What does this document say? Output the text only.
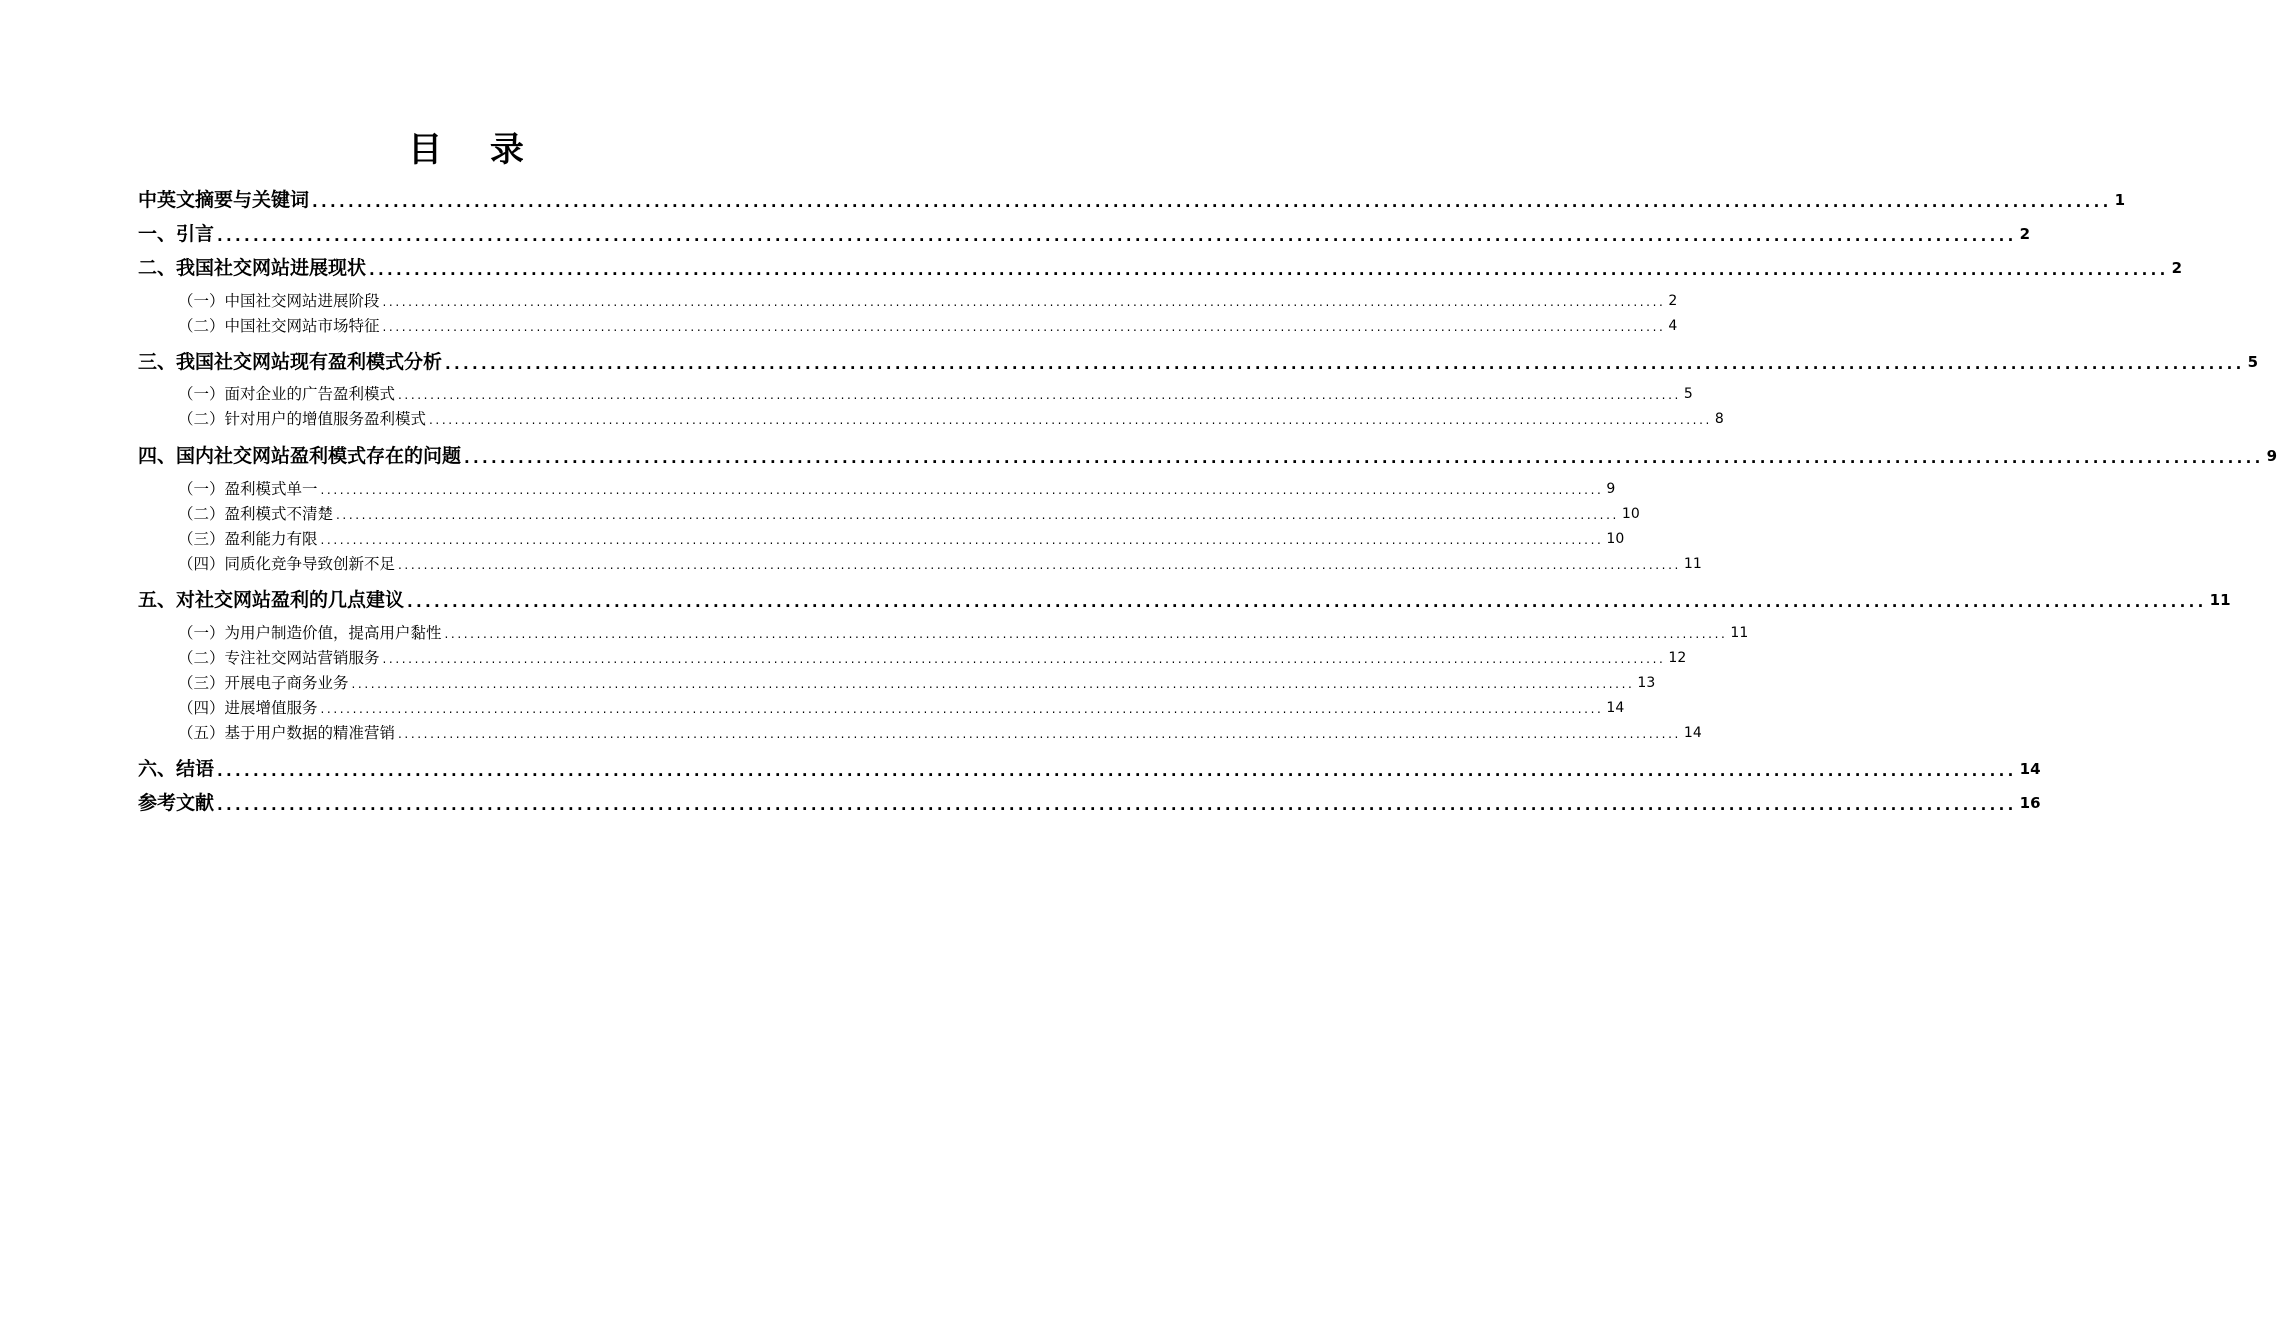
目 录
中英文摘要与关键词 ........................................................................................................................................................................................................ 1
一、引言 ........................................................................................................................................................................................................ 2
二、我国社交网站进展现状 ........................................................................................................................................................................................................ 2
（一）中国社交网站进展阶段 ........................................................................................................................................................................................................ 2
（二）中国社交网站市场特征 ........................................................................................................................................................................................................ 4
三、我国社交网站现有盈利模式分析 ........................................................................................................................................................................................................ 5
（一）面对企业的广告盈利模式 ........................................................................................................................................................................................................ 5
（二）针对用户的增值服务盈利模式 ........................................................................................................................................................................................................ 8
四、国内社交网站盈利模式存在的问题 ........................................................................................................................................................................................................ 9
（一）盈利模式单一 ........................................................................................................................................................................................................ 9
（二）盈利模式不清楚 ........................................................................................................................................................................................................ 10
（三）盈利能力有限 ........................................................................................................................................................................................................ 10
（四）同质化竞争导致创新不足 ........................................................................................................................................................................................................ 11
五、对社交网站盈利的几点建议 ........................................................................................................................................................................................................ 11
（一）为用户制造价值，提高用户黏性 ........................................................................................................................................................................................................ 11
（二）专注社交网站营销服务 ........................................................................................................................................................................................................ 12
（三）开展电子商务业务 ........................................................................................................................................................................................................ 13
（四）进展增值服务 ........................................................................................................................................................................................................ 14
（五）基于用户数据的精准营销 ........................................................................................................................................................................................................ 14
六、结语 ........................................................................................................................................................................................................ 14
参考文献 ........................................................................................................................................................................................................ 16
